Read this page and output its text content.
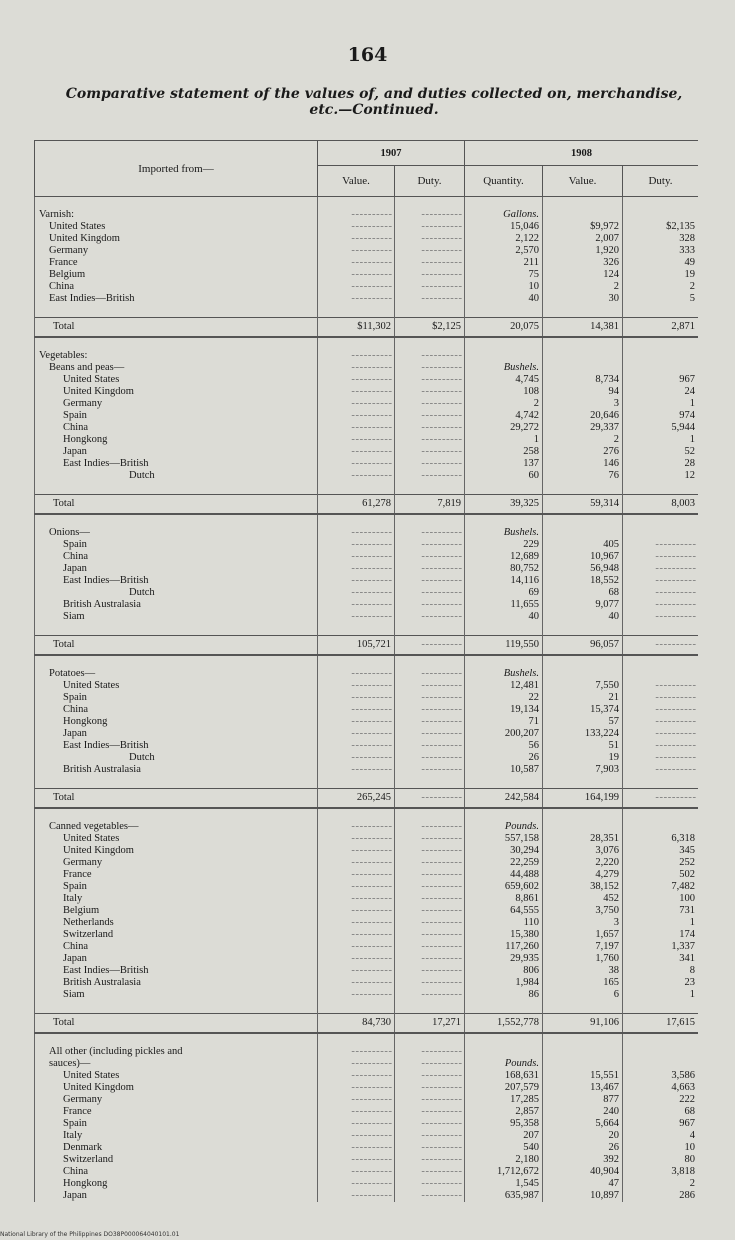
164
Comparative statement of the values of, and duties collected on, merchandise,
etc.—Continued.
Imported from—	1907		1908		
	Value.	Duty.	Quantity.	Value.	Duty.

Varnish:	- - - - - - - - - -	- - - - - - - - - -	Gallons.		
United States	- - - - - - - - - -	- - - - - - - - - -	15,046	$9,972	$2,135
United Kingdom	- - - - - - - - - -	- - - - - - - - - -	2,122	2,007	328
Germany	- - - - - - - - - -	- - - - - - - - - -	2,570	1,920	333
France	- - - - - - - - - -	- - - - - - - - - -	211	326	49
Belgium	- - - - - - - - - -	- - - - - - - - - -	75	124	19
China	- - - - - - - - - -	- - - - - - - - - -	10	2	2
East Indies—British	- - - - - - - - - -	- - - - - - - - - -	40	30	5

Total	$11,302	$2,125	20,075	14,381	2,871

Vegetables:	- - - - - - - - - -	- - - - - - - - - -			
Beans and peas—	- - - - - - - - - -	- - - - - - - - - -	Bushels.		
United States	- - - - - - - - - -	- - - - - - - - - -	4,745	8,734	967
United Kingdom	- - - - - - - - - -	- - - - - - - - - -	108	94	24
Germany	- - - - - - - - - -	- - - - - - - - - -	2	3	1
Spain	- - - - - - - - - -	- - - - - - - - - -	4,742	20,646	974
China	- - - - - - - - - -	- - - - - - - - - -	29,272	29,337	5,944
Hongkong	- - - - - - - - - -	- - - - - - - - - -	1	2	1
Japan	- - - - - - - - - -	- - - - - - - - - -	258	276	52
East Indies—British	- - - - - - - - - -	- - - - - - - - - -	137	146	28
Dutch	- - - - - - - - - -	- - - - - - - - - -	60	76	12

Total	61,278	7,819	39,325	59,314	8,003

Onions—	- - - - - - - - - -	- - - - - - - - - -	Bushels.		
Spain	- - - - - - - - - -	- - - - - - - - - -	229	405	- - - - - - - - - -
China	- - - - - - - - - -	- - - - - - - - - -	12,689	10,967	- - - - - - - - - -
Japan	- - - - - - - - - -	- - - - - - - - - -	80,752	56,948	- - - - - - - - - -
East Indies—British	- - - - - - - - - -	- - - - - - - - - -	14,116	18,552	- - - - - - - - - -
Dutch	- - - - - - - - - -	- - - - - - - - - -	69	68	- - - - - - - - - -
British Australasia	- - - - - - - - - -	- - - - - - - - - -	11,655	9,077	- - - - - - - - - -
Siam	- - - - - - - - - -	- - - - - - - - - -	40	40	- - - - - - - - - -

Total	105,721	- - - - - - - - - -	119,550	96,057	- - - - - - - - - -

Potatoes—	- - - - - - - - - -	- - - - - - - - - -	Bushels.		
United States	- - - - - - - - - -	- - - - - - - - - -	12,481	7,550	- - - - - - - - - -
Spain	- - - - - - - - - -	- - - - - - - - - -	22	21	- - - - - - - - - -
China	- - - - - - - - - -	- - - - - - - - - -	19,134	15,374	- - - - - - - - - -
Hongkong	- - - - - - - - - -	- - - - - - - - - -	71	57	- - - - - - - - - -
Japan	- - - - - - - - - -	- - - - - - - - - -	200,207	133,224	- - - - - - - - - -
East Indies—British	- - - - - - - - - -	- - - - - - - - - -	56	51	- - - - - - - - - -
Dutch	- - - - - - - - - -	- - - - - - - - - -	26	19	- - - - - - - - - -
British Australasia	- - - - - - - - - -	- - - - - - - - - -	10,587	7,903	- - - - - - - - - -

Total	265,245	- - - - - - - - - -	242,584	164,199	- - - - - - - - - -

Canned vegetables—	- - - - - - - - - -	- - - - - - - - - -	Pounds.		
United States	- - - - - - - - - -	- - - - - - - - - -	557,158	28,351	6,318
United Kingdom	- - - - - - - - - -	- - - - - - - - - -	30,294	3,076	345
Germany	- - - - - - - - - -	- - - - - - - - - -	22,259	2,220	252
France	- - - - - - - - - -	- - - - - - - - - -	44,488	4,279	502
Spain	- - - - - - - - - -	- - - - - - - - - -	659,602	38,152	7,482
Italy	- - - - - - - - - -	- - - - - - - - - -	8,861	452	100
Belgium	- - - - - - - - - -	- - - - - - - - - -	64,555	3,750	731
Netherlands	- - - - - - - - - -	- - - - - - - - - -	110	3	1
Switzerland	- - - - - - - - - -	- - - - - - - - - -	15,380	1,657	174
China	- - - - - - - - - -	- - - - - - - - - -	117,260	7,197	1,337
Japan	- - - - - - - - - -	- - - - - - - - - -	29,935	1,760	341
East Indies—British	- - - - - - - - - -	- - - - - - - - - -	806	38	8
British Australasia	- - - - - - - - - -	- - - - - - - - - -	1,984	165	23
Siam	- - - - - - - - - -	- - - - - - - - - -	86	6	1

Total	84,730	17,271	1,552,778	91,106	17,615

All other (including pickles and	- - - - - - - - - -	- - - - - - - - - -			
sauces)—	- - - - - - - - - -	- - - - - - - - - -	Pounds.		
United States	- - - - - - - - - -	- - - - - - - - - -	168,631	15,551	3,586
United Kingdom	- - - - - - - - - -	- - - - - - - - - -	207,579	13,467	4,663
Germany	- - - - - - - - - -	- - - - - - - - - -	17,285	877	222
France	- - - - - - - - - -	- - - - - - - - - -	2,857	240	68
Spain	- - - - - - - - - -	- - - - - - - - - -	95,358	5,664	967
Italy	- - - - - - - - - -	- - - - - - - - - -	207	20	4
Denmark	- - - - - - - - - -	- - - - - - - - - -	540	26	10
Switzerland	- - - - - - - - - -	- - - - - - - - - -	2,180	392	80
China	- - - - - - - - - -	- - - - - - - - - -	1,712,672	40,904	3,818
Hongkong	- - - - - - - - - -	- - - - - - - - - -	1,545	47	2
Japan	- - - - - - - - - -	- - - - - - - - - -	635,987	10,897	286
National Library of the Philippines DO38P000064040101.01
